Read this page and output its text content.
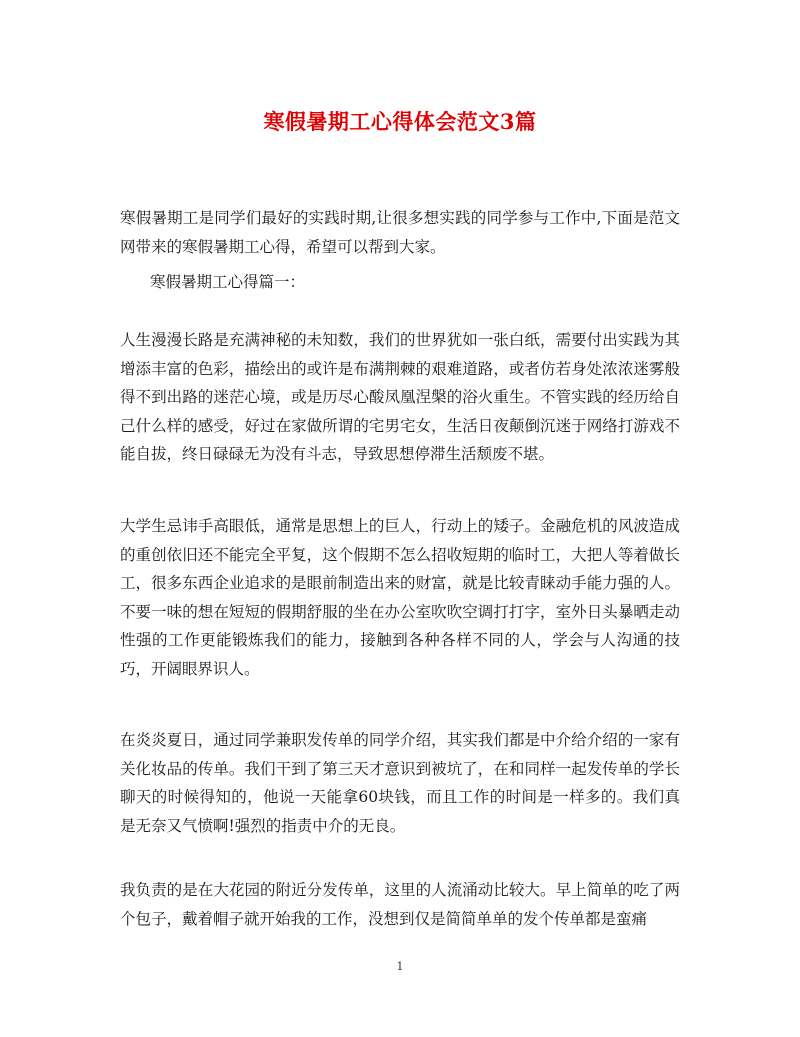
寒假暑期工心得体会范文3篇

寒假暑期工是同学们最好的实践时期,让很多想实践的同学参与工作中,下面是范文网带来的寒假暑期工心得，希望可以帮到大家。

寒假暑期工心得篇一：

人生漫漫长路是充满神秘的未知数，我们的世界犹如一张白纸，需要付出实践为其增添丰富的色彩，描绘出的或许是布满荆棘的艰难道路，或者仿若身处浓浓迷雾般得不到出路的迷茫心境，或是历尽心酸凤凰涅槃的浴火重生。不管实践的经历给自己什么样的感受，好过在家做所谓的宅男宅女，生活日夜颠倒沉迷于网络打游戏不能自拔，终日碌碌无为没有斗志，导致思想停滞生活颓废不堪。

大学生忌讳手高眼低，通常是思想上的巨人，行动上的矮子。金融危机的风波造成的重创依旧还不能完全平复，这个假期不怎么招收短期的临时工，大把人等着做长工，很多东西企业追求的是眼前制造出来的财富，就是比较青睐动手能力强的人。不要一味的想在短短的假期舒服的坐在办公室吹吹空调打打字，室外日头暴晒走动性强的工作更能锻炼我们的能力，接触到各种各样不同的人，学会与人沟通的技巧，开阔眼界识人。

在炎炎夏日，通过同学兼职发传单的同学介绍，其实我们都是中介给介绍的一家有关化妆品的传单。我们干到了第三天才意识到被坑了，在和同样一起发传单的学长聊天的时候得知的，他说一天能拿60块钱，而且工作的时间是一样多的。我们真是无奈又气愤啊!强烈的指责中介的无良。

我负责的是在大花园的附近分发传单，这里的人流涌动比较大。早上简单的吃了两个包子，戴着帽子就开始我的工作，没想到仅是简简单单的发个传单都是蛮痛

1
